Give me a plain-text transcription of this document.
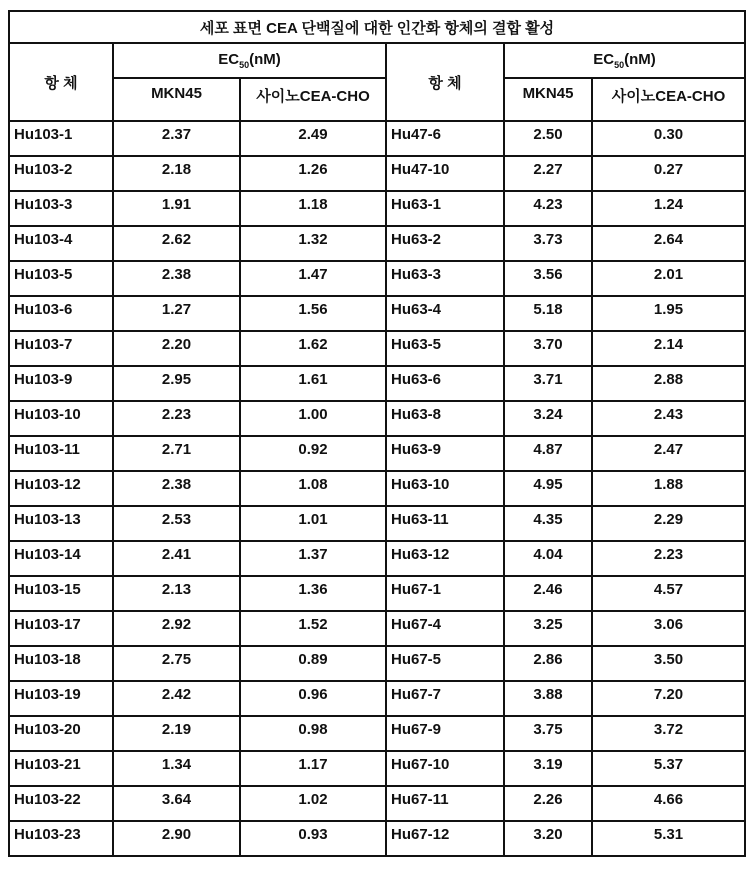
세포 표면 CEA 단백질에 대한 인간화 항체의 결합 활성
항 체	EC50(nM)	항 체	EC50(nM)
MKN45	사이노CEA-CHO	MKN45	사이노CEA-CHO
Hu103-1	2.37	2.49	Hu47-6	2.50	0.30
Hu103-2	2.18	1.26	Hu47-10	2.27	0.27
Hu103-3	1.91	1.18	Hu63-1	4.23	1.24
Hu103-4	2.62	1.32	Hu63-2	3.73	2.64
Hu103-5	2.38	1.47	Hu63-3	3.56	2.01
Hu103-6	1.27	1.56	Hu63-4	5.18	1.95
Hu103-7	2.20	1.62	Hu63-5	3.70	2.14
Hu103-9	2.95	1.61	Hu63-6	3.71	2.88
Hu103-10	2.23	1.00	Hu63-8	3.24	2.43
Hu103-11	2.71	0.92	Hu63-9	4.87	2.47
Hu103-12	2.38	1.08	Hu63-10	4.95	1.88
Hu103-13	2.53	1.01	Hu63-11	4.35	2.29
Hu103-14	2.41	1.37	Hu63-12	4.04	2.23
Hu103-15	2.13	1.36	Hu67-1	2.46	4.57
Hu103-17	2.92	1.52	Hu67-4	3.25	3.06
Hu103-18	2.75	0.89	Hu67-5	2.86	3.50
Hu103-19	2.42	0.96	Hu67-7	3.88	7.20
Hu103-20	2.19	0.98	Hu67-9	3.75	3.72
Hu103-21	1.34	1.17	Hu67-10	3.19	5.37
Hu103-22	3.64	1.02	Hu67-11	2.26	4.66
Hu103-23	2.90	0.93	Hu67-12	3.20	5.31
